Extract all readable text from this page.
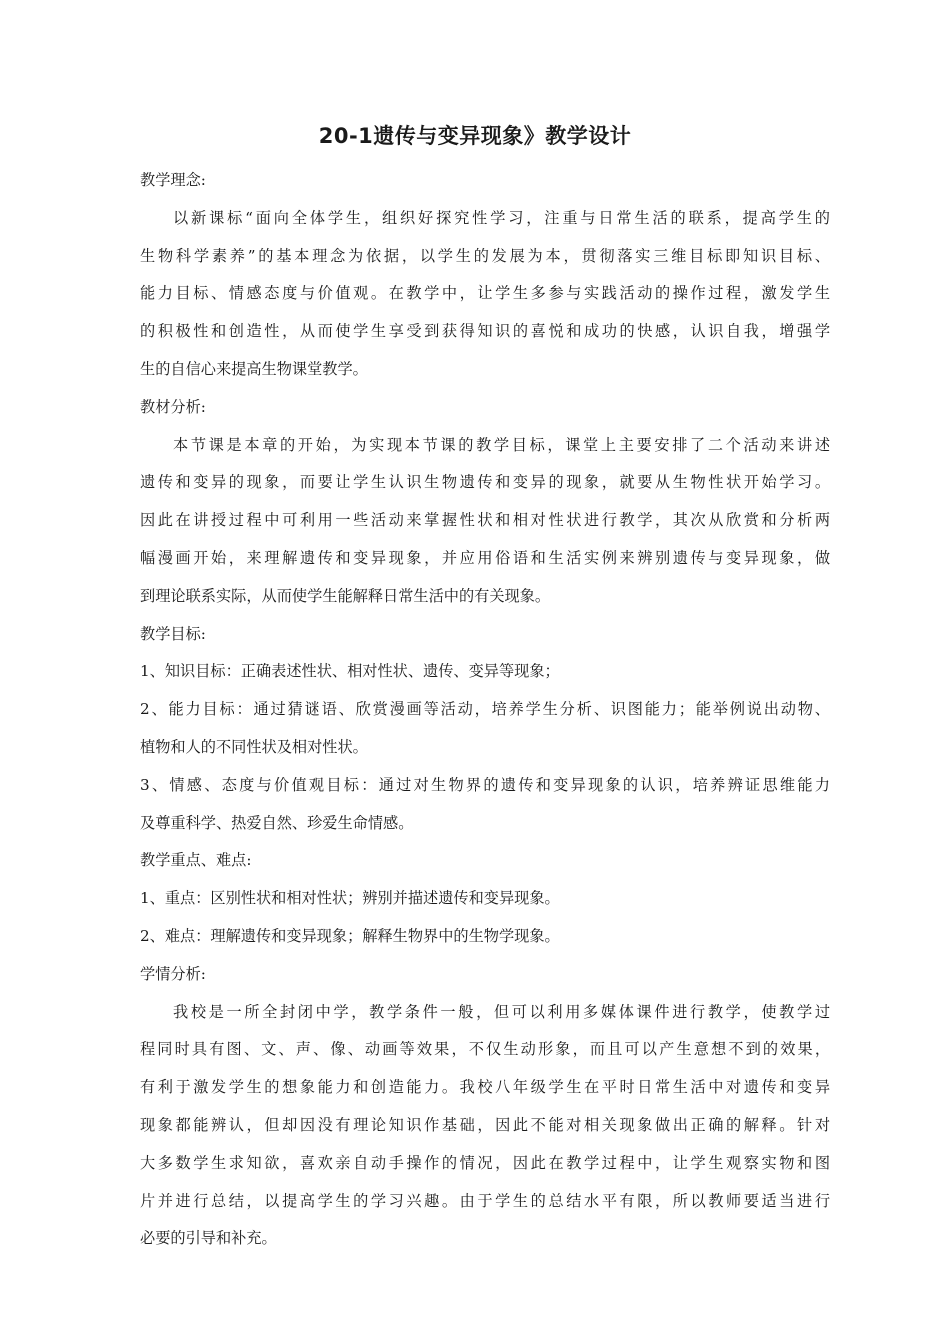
20-1遗传与变异现象》教学设计
教学理念:
以新课标“面向全体学生，组织好探究性学习，注重与日常生活的联系，提高学生的
生物科学素养”的基本理念为依据，以学生的发展为本，贯彻落实三维目标即知识目标、
能力目标、情感态度与价值观。在教学中，让学生多参与实践活动的操作过程，激发学生
的积极性和创造性，从而使学生享受到获得知识的喜悦和成功的快感，认识自我，增强学
生的自信心来提高生物课堂教学。
教材分析:
本节课是本章的开始，为实现本节课的教学目标，课堂上主要安排了二个活动来讲述
遗传和变异的现象，而要让学生认识生物遗传和变异的现象，就要从生物性状开始学习。
因此在讲授过程中可利用一些活动来掌握性状和相对性状进行教学，其次从欣赏和分析两
幅漫画开始，来理解遗传和变异现象，并应用俗语和生活实例来辨别遗传与变异现象，做
到理论联系实际，从而使学生能解释日常生活中的有关现象。
教学目标:
1、知识目标：正确表述性状、相对性状、遗传、变异等现象；
2、能力目标：通过猜谜语、欣赏漫画等活动，培养学生分析、识图能力；能举例说出动物、
植物和人的不同性状及相对性状。
3、情感、态度与价值观目标：通过对生物界的遗传和变异现象的认识，培养辨证思维能力
及尊重科学、热爱自然、珍爱生命情感。
教学重点、难点:
1、重点：区别性状和相对性状；辨别并描述遗传和变异现象。
2、难点：理解遗传和变异现象；解释生物界中的生物学现象。
学情分析:
我校是一所全封闭中学，教学条件一般，但可以利用多媒体课件进行教学，使教学过
程同时具有图、文、声、像、动画等效果，不仅生动形象，而且可以产生意想不到的效果，
有利于激发学生的想象能力和创造能力。我校八年级学生在平时日常生活中对遗传和变异
现象都能辨认，但却因没有理论知识作基础，因此不能对相关现象做出正确的解释。针对
大多数学生求知欲，喜欢亲自动手操作的情况，因此在教学过程中，让学生观察实物和图
片并进行总结，以提高学生的学习兴趣。由于学生的总结水平有限，所以教师要适当进行
必要的引导和补充。
